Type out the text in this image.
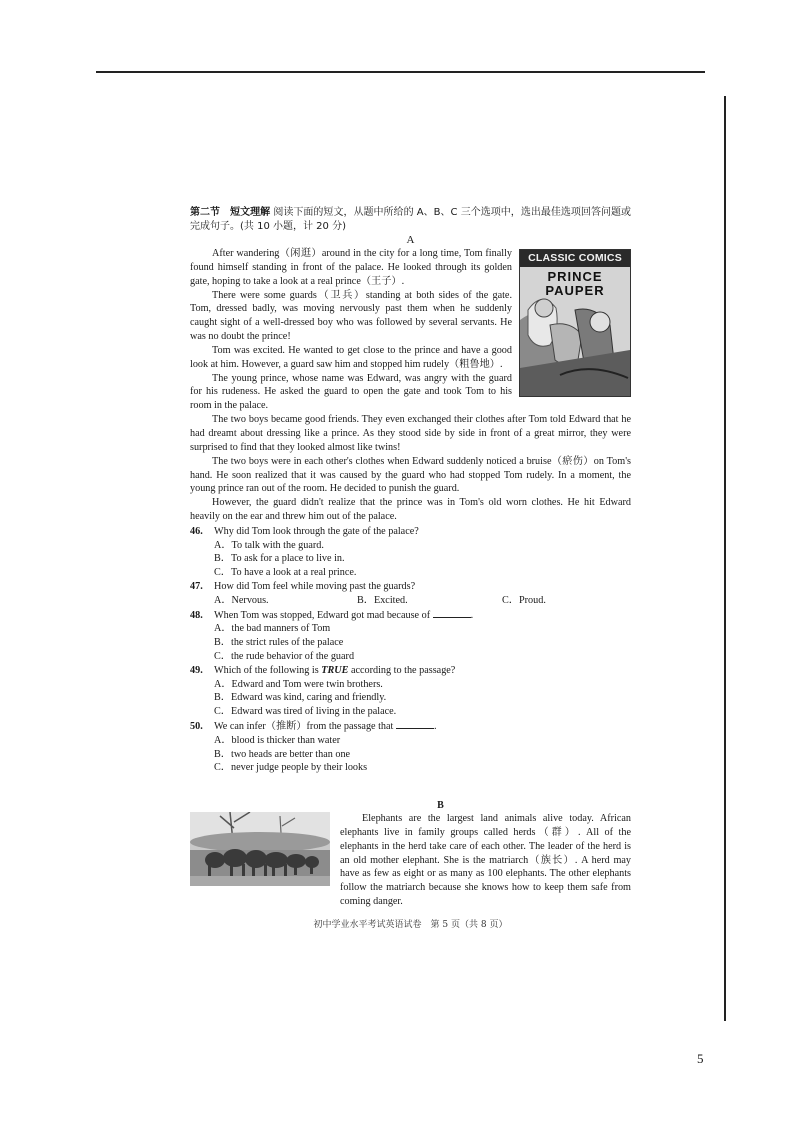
第二节　短文理解 阅读下面的短文，从题中所给的 A、B、C 三个选项中，选出最佳选项回答问题或完成句子。(共 10 小题，计 20 分)

A

CLASSIC COMICS
PRINCE
PAUPER

After wandering（闲逛）around in the city for a long time, Tom finally found himself standing in front of the palace. He looked through its golden gate, hoping to take a look at a real prince（王子）.

There were some guards（卫兵）standing at both sides of the gate. Tom, dressed badly, was moving nervously past them when he suddenly caught sight of a well-dressed boy who was followed by several servants. He was no doubt the prince!

Tom was excited. He wanted to get close to the prince and have a good look at him. However, a guard saw him and stopped him rudely（粗鲁地）.

The young prince, whose name was Edward, was angry with the guard for his rudeness. He asked the guard to open the gate and took Tom to his room in the palace.

The two boys became good friends. They even exchanged their clothes after Tom told Edward that he had dreamt about dressing like a prince. As they stood side by side in front of a great mirror, they were surprised to find that they looked almost like twins!

The two boys were in each other's clothes when Edward suddenly noticed a bruise（瘀伤）on Tom's hand. He soon realized that it was caused by the guard who had stopped Tom rudely. In a moment, the young prince ran out of the room. He decided to punish the guard.

However, the guard didn't realize that the prince was in Tom's old worn clothes. He hit Edward heavily on the ear and threw him out of the palace.

46. Why did Tom look through the gate of the palace?
A．To talk with the guard.
B．To ask for a place to live in.
C．To have a look at a real prince.
47. How did Tom feel while moving past the guards?
A．Nervous.	B．Excited.	C．Proud.
48. When Tom was stopped, Edward got mad because of	.
A．the bad manners of Tom
B．the strict rules of the palace
C．the rude behavior of the guard
49. Which of the following is TRUE according to the passage?
A．Edward and Tom were twin brothers.
B．Edward was kind, caring and friendly.
C．Edward was tired of living in the palace.
50. We can infer（推断）from the passage that	.
A．blood is thicker than water
B．two heads are better than one
C．never judge people by their looks
B

Elephants are the largest land animals alive today. African elephants live in family groups called herds（群）. All of the elephants in the herd take care of each other. The leader of the herd is an old mother elephant. She is the matriarch（族长）. A herd may have as few as eight or as many as 100 elephants. The other elephants follow the matriarch because she knows how to keep them safe from coming danger.

初中学业水平考试英语试卷　第 5 页（共 8 页）
5
